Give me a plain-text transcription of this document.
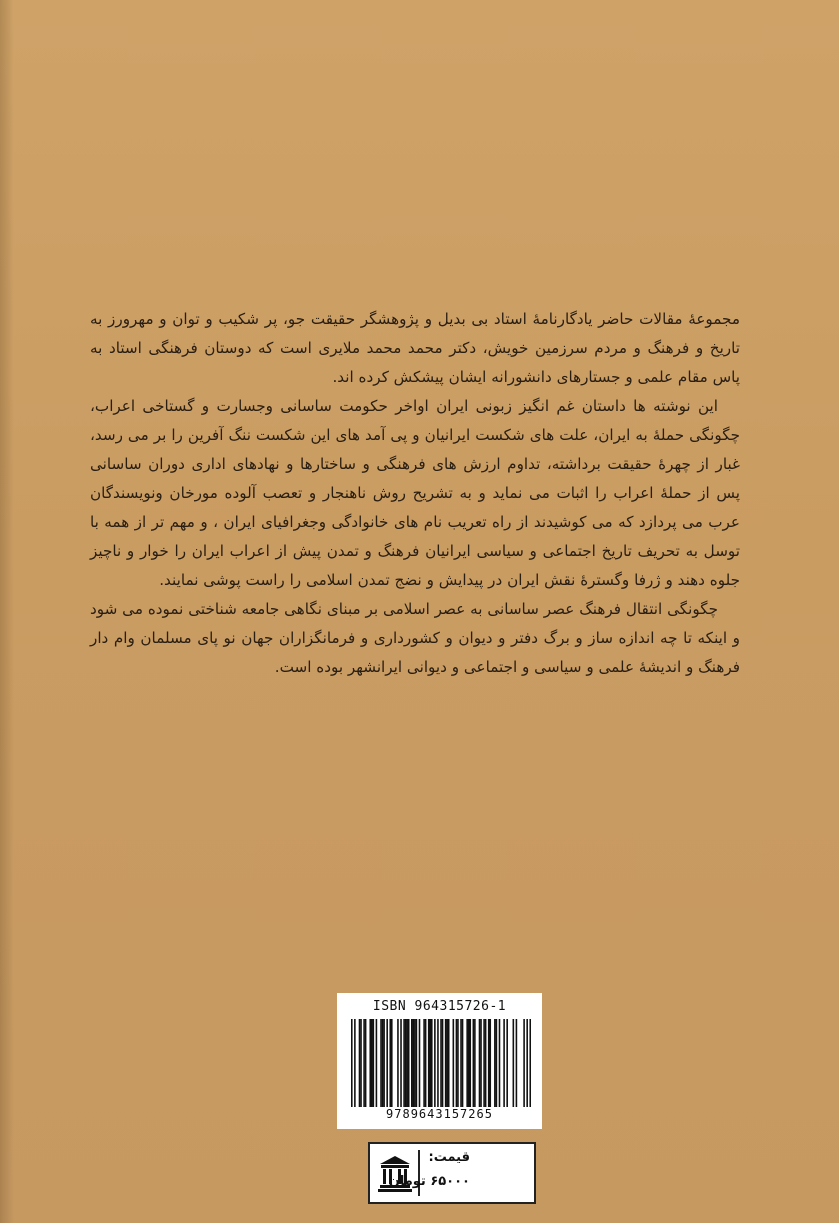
مجموعهٔ مقالات حاضر یادگارنامهٔ استاد بی بدیل و پژوهشگر حقیقت جو، پر شکیب و توان و مهرورز به تاریخ و فرهنگ و مردم سرزمین خویش، دکتر محمد محمد ملایری است که دوستان فرهنگی استاد به پاس مقام علمی و جستارهای دانشورانه ایشان پیشکش کرده اند.

این نوشته ها داستان غم انگیز زبونی ایران اواخر حکومت ساسانی وجسارت و گستاخی اعراب، چگونگی حملهٔ به ایران، علت های شکست ایرانیان و پی آمد های این شکست ننگ آفرین را بر می رسد، غبار از چهرهٔ حقیقت برداشته، تداوم ارزش های فرهنگی و ساختارها و نهادهای اداری دوران ساسانی پس از حملهٔ اعراب را اثبات می نماید و به تشریح روش ناهنجار و تعصب آلوده مورخان ونویسندگان عرب می پردازد که می کوشیدند از راه تعریب نام های خانوادگی وجغرافیای ایران ، و مهم تر از همه با توسل به تحریف تاریخ اجتماعی و سیاسی ایرانیان فرهنگ و تمدن پیش از اعراب ایران را خوار و ناچیز جلوه دهند و ژرفا وگسترهٔ نقش ایران در پیدایش و نضج تمدن اسلامی را راست پوشی نمایند.

چگونگی انتقال فرهنگ عصر ساسانی به عصر اسلامی بر مبنای نگاهی جامعه شناختی نموده می شود و اینکه تا چه اندازه ساز و برگ دفتر و دیوان و کشورداری و فرمانگزاران جهان نو پای مسلمان وام دار فرهنگ و اندیشهٔ علمی و سیاسی و اجتماعی و دیوانی ایرانشهر بوده است.

ISBN 964315726-1
9789643157265
قیمت:
۶۵۰۰۰ تومان
